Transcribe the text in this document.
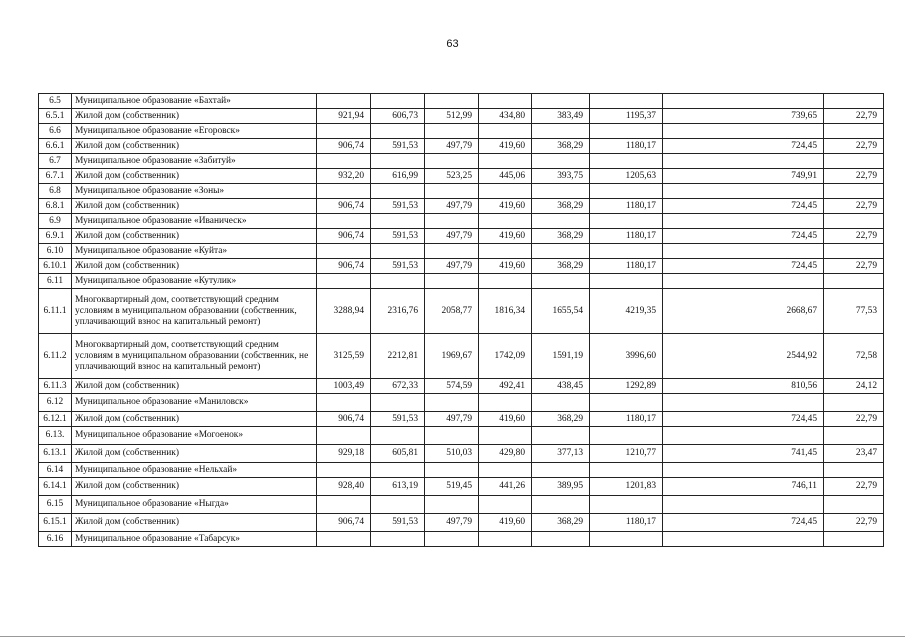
63
6.5	Муниципальное образование «Бахтай»								
6.5.1	Жилой дом (собственник)	921,94	606,73	512,99	434,80	383,49	1195,37	739,65	22,79
6.6	Муниципальное образование «Егоровск»								
6.6.1	Жилой дом (собственник)	906,74	591,53	497,79	419,60	368,29	1180,17	724,45	22,79
6.7	Муниципальное образование «Забитуй»								
6.7.1	Жилой дом (собственник)	932,20	616,99	523,25	445,06	393,75	1205,63	749,91	22,79
6.8	Муниципальное образование «Зоны»								
6.8.1	Жилой дом (собственник)	906,74	591,53	497,79	419,60	368,29	1180,17	724,45	22,79
6.9	Муниципальное образование «Иваническ»								
6.9.1	Жилой дом (собственник)	906,74	591,53	497,79	419,60	368,29	1180,17	724,45	22,79
6.10	Муниципальное образование «Куйта»								
6.10.1	Жилой дом (собственник)	906,74	591,53	497,79	419,60	368,29	1180,17	724,45	22,79
6.11	Муниципальное образование «Кутулик»								
6.11.1	Многоквартирный дом, соответствующий средним условиям в муниципальном образовании (собственник, уплачивающий взнос на капитальный ремонт)	3288,94	2316,76	2058,77	1816,34	1655,54	4219,35	2668,67	77,53
6.11.2	Многоквартирный дом, соответствующий средним условиям в муниципальном образовании (собственник, не уплачивающий взнос на капитальный ремонт)	3125,59	2212,81	1969,67	1742,09	1591,19	3996,60	2544,92	72,58
6.11.3	Жилой дом (собственник)	1003,49	672,33	574,59	492,41	438,45	1292,89	810,56	24,12
6.12	Муниципальное образование «Маниловск»								
6.12.1	Жилой дом (собственник)	906,74	591,53	497,79	419,60	368,29	1180,17	724,45	22,79
6.13.	Муниципальное образование «Могоенок»								
6.13.1	Жилой дом (собственник)	929,18	605,81	510,03	429,80	377,13	1210,77	741,45	23,47
6.14	Муниципальное образование «Нельхай»								
6.14.1	Жилой дом (собственник)	928,40	613,19	519,45	441,26	389,95	1201,83	746,11	22,79
6.15	Муниципальное образование «Ныгда»								
6.15.1	Жилой дом (собственник)	906,74	591,53	497,79	419,60	368,29	1180,17	724,45	22,79
6.16	Муниципальное образование «Табарсук»								
